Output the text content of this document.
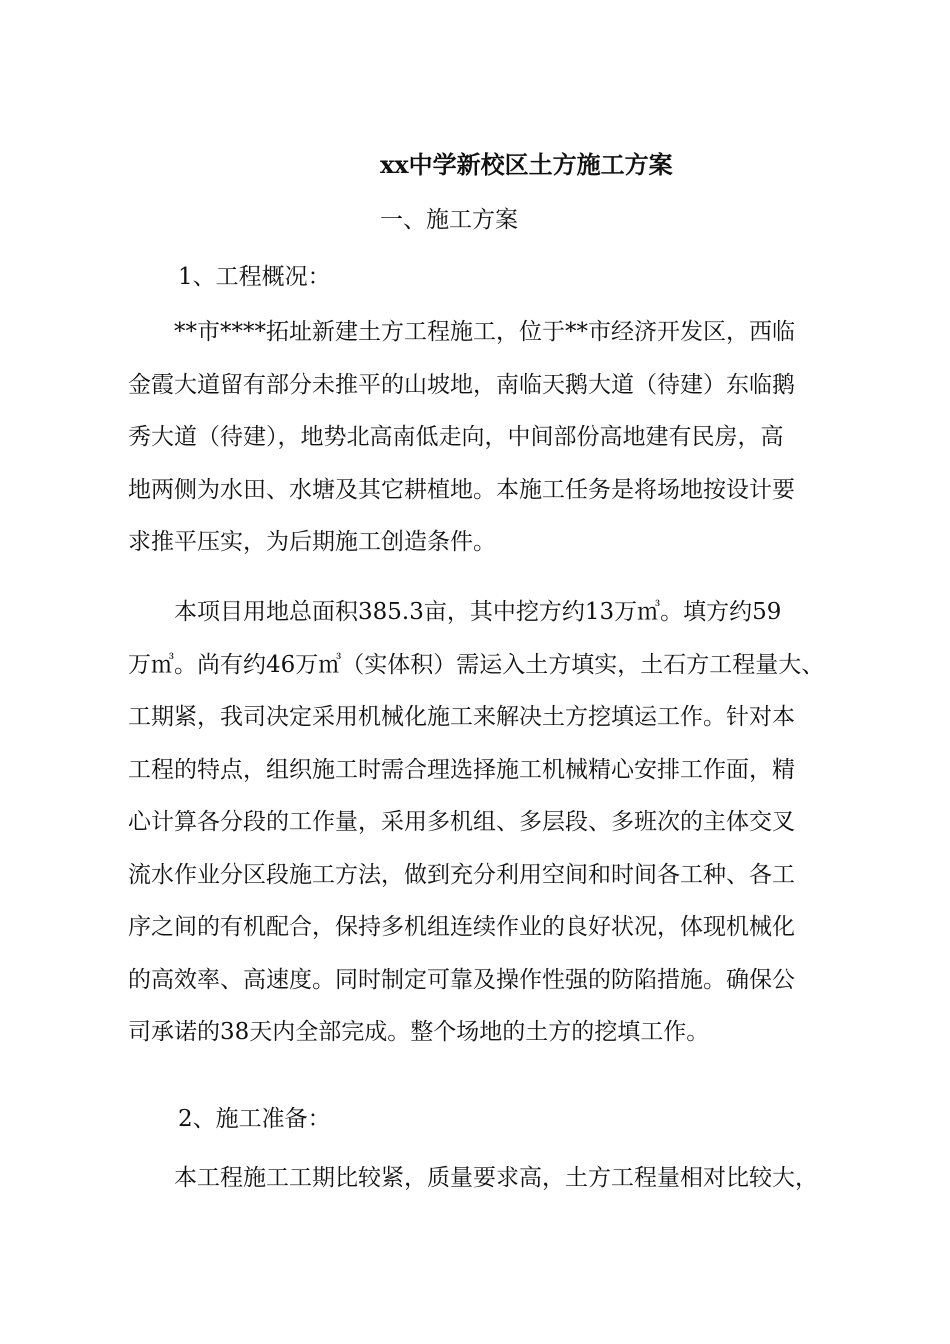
xx中学新校区土方施工方案
一、施工方案
1、工程概况：
**市****拓址新建土方工程施工，位于**市经济开发区，西临
金霞大道留有部分未推平的山坡地，南临天鹅大道（待建）东临鹅
秀大道（待建），地势北高南低走向，中间部份高地建有民房，高
地两侧为水田、水塘及其它耕植地。本施工任务是将场地按设计要
求推平压实，为后期施工创造条件。
本项目用地总面积385.3亩，其中挖方约13万㎥。填方约59
万㎥。尚有约46万㎥（实体积）需运入土方填实，土石方工程量大、
工期紧，我司决定采用机械化施工来解决土方挖填运工作。针对本
工程的特点，组织施工时需合理选择施工机械精心安排工作面，精
心计算各分段的工作量，采用多机组、多层段、多班次的主体交叉
流水作业分区段施工方法，做到充分利用空间和时间各工种、各工
序之间的有机配合，保持多机组连续作业的良好状况，体现机械化
的高效率、高速度。同时制定可靠及操作性强的防陷措施。确保公
司承诺的38天内全部完成。整个场地的土方的挖填工作。
2、施工准备：
本工程施工工期比较紧，质量要求高，土方工程量相对比较大，
